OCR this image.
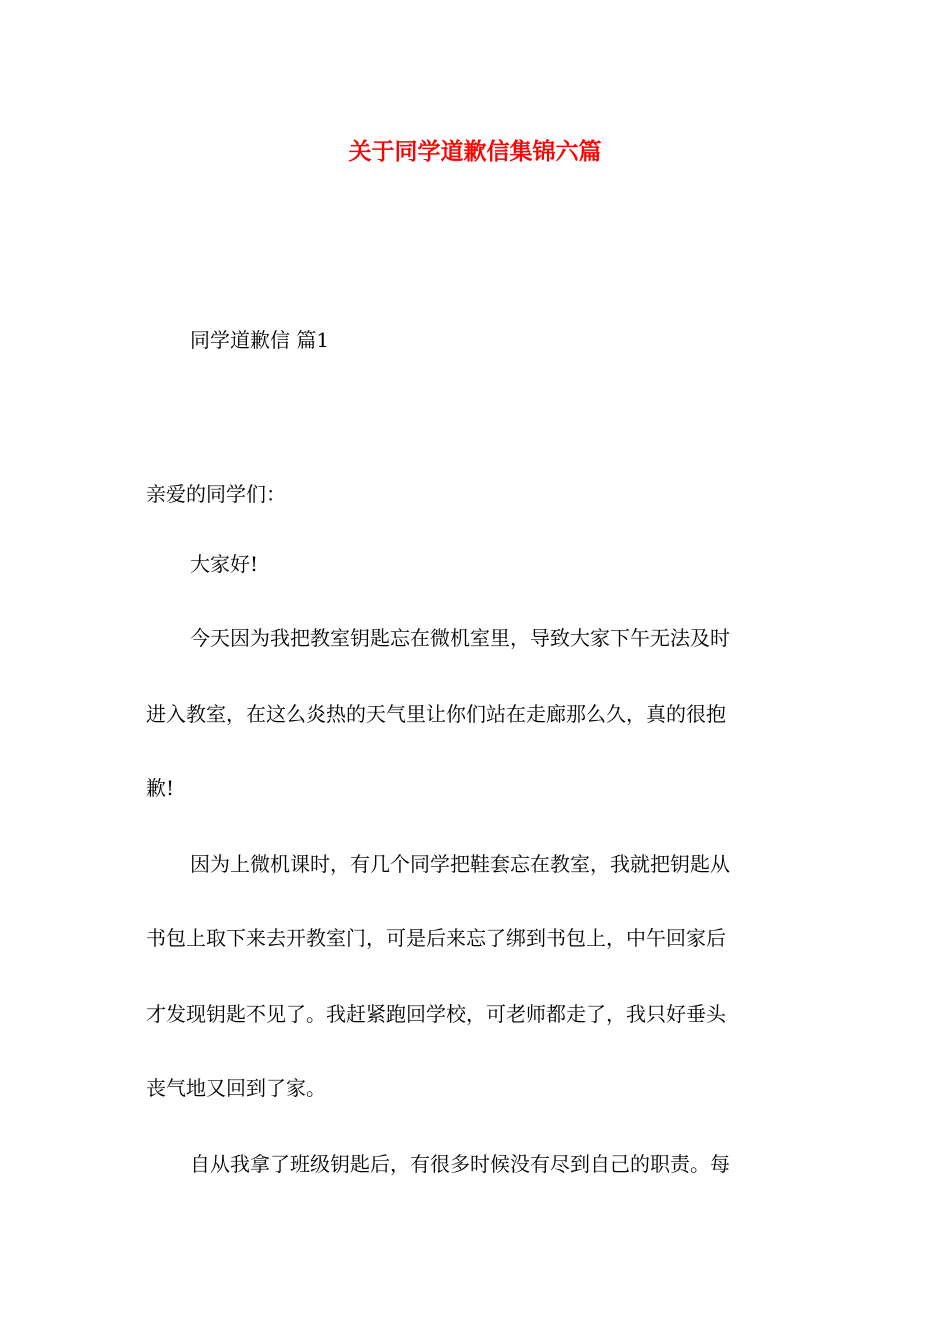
关于同学道歉信集锦六篇
同学道歉信 篇1
亲爱的同学们：
大家好!
今天因为我把教室钥匙忘在微机室里，导致大家下午无法及时
进入教室，在这么炎热的天气里让你们站在走廊那么久，真的很抱
歉!
因为上微机课时，有几个同学把鞋套忘在教室，我就把钥匙从
书包上取下来去开教室门，可是后来忘了绑到书包上，中午回家后
才发现钥匙不见了。我赶紧跑回学校，可老师都走了，我只好垂头
丧气地又回到了家。
自从我拿了班级钥匙后，有很多时候没有尽到自己的职责。每
